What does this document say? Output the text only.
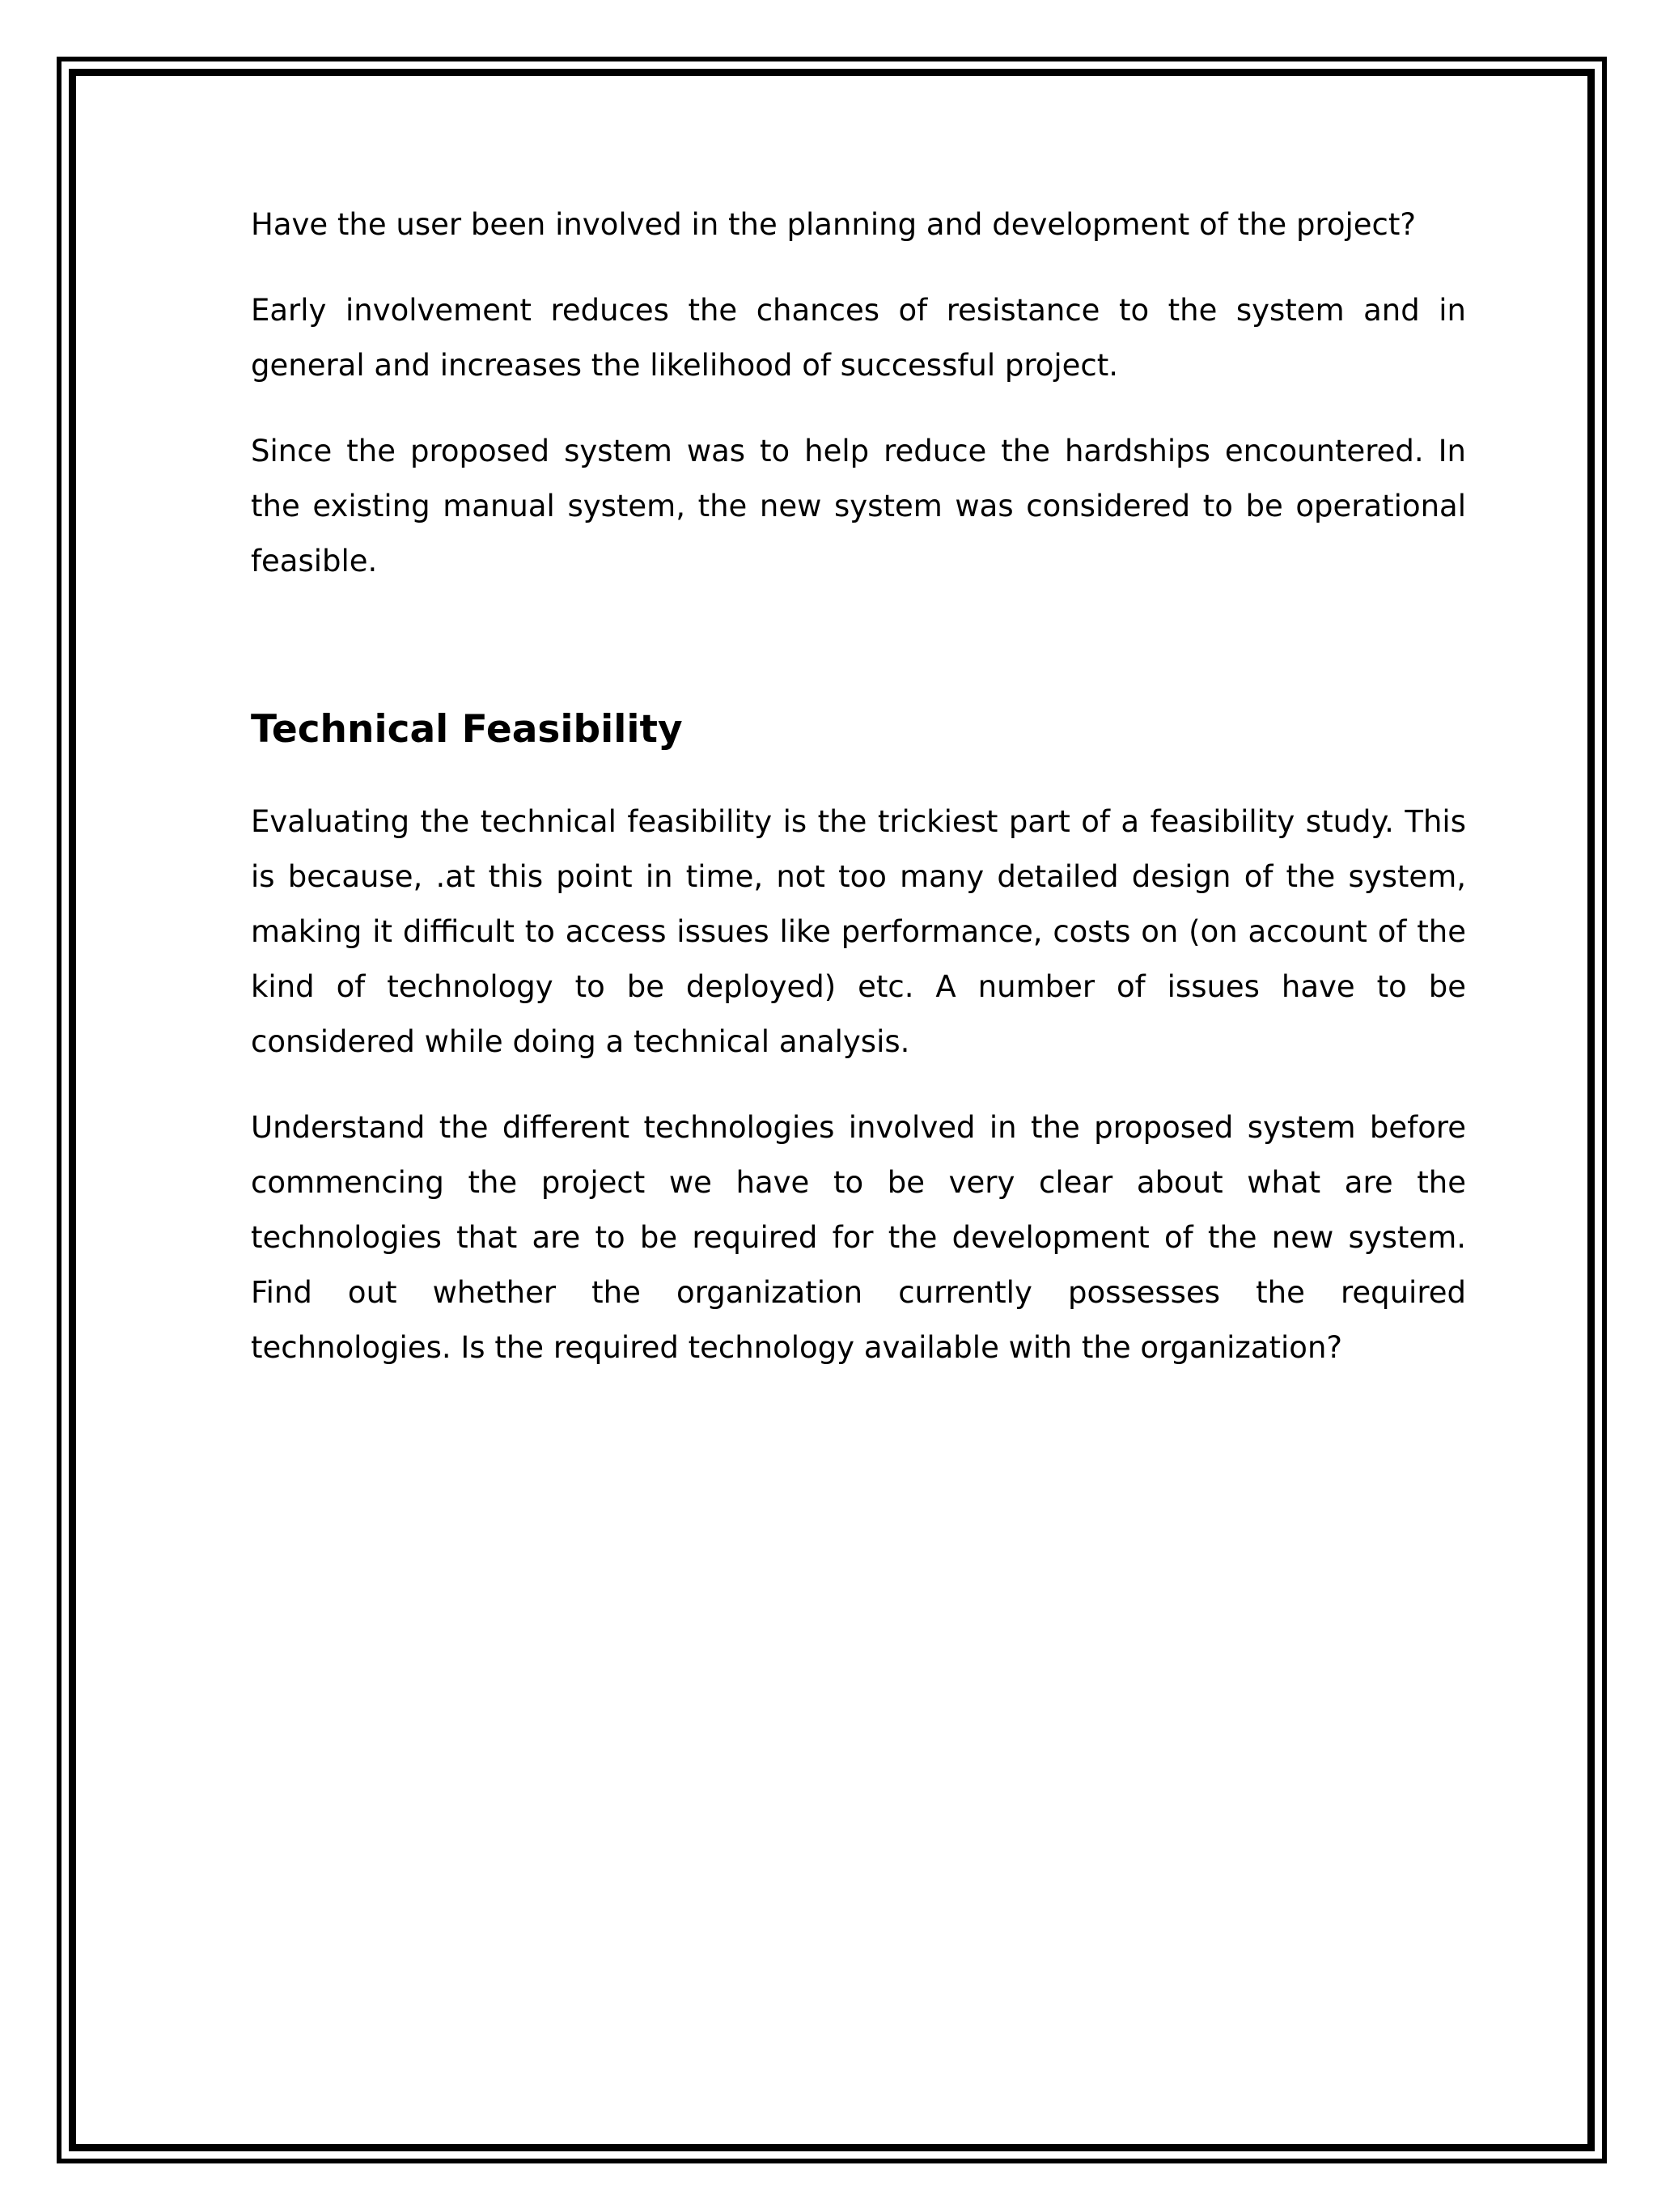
Have the user been involved in the planning and development of the project?

Early involvement reduces the chances of resistance to the system and in general and increases the likelihood of successful project.

Since the proposed system was to help reduce the hardships encountered. In the existing manual system, the new system was considered to be operational feasible.

Technical Feasibility

Evaluating the technical feasibility is the trickiest part of a feasibility study. This is because, .at this point in time, not too many detailed design of the system, making it difficult to access issues like performance, costs on (on account of the kind of technology to be deployed) etc. A number of issues have to be considered while doing a technical analysis.

Understand the different technologies involved in the proposed system before commencing the project we have to be very clear about what are the technologies that are to be required for the development of the new system. Find out whether the organization currently possesses the required technologies. Is the required technology available with the organization?
